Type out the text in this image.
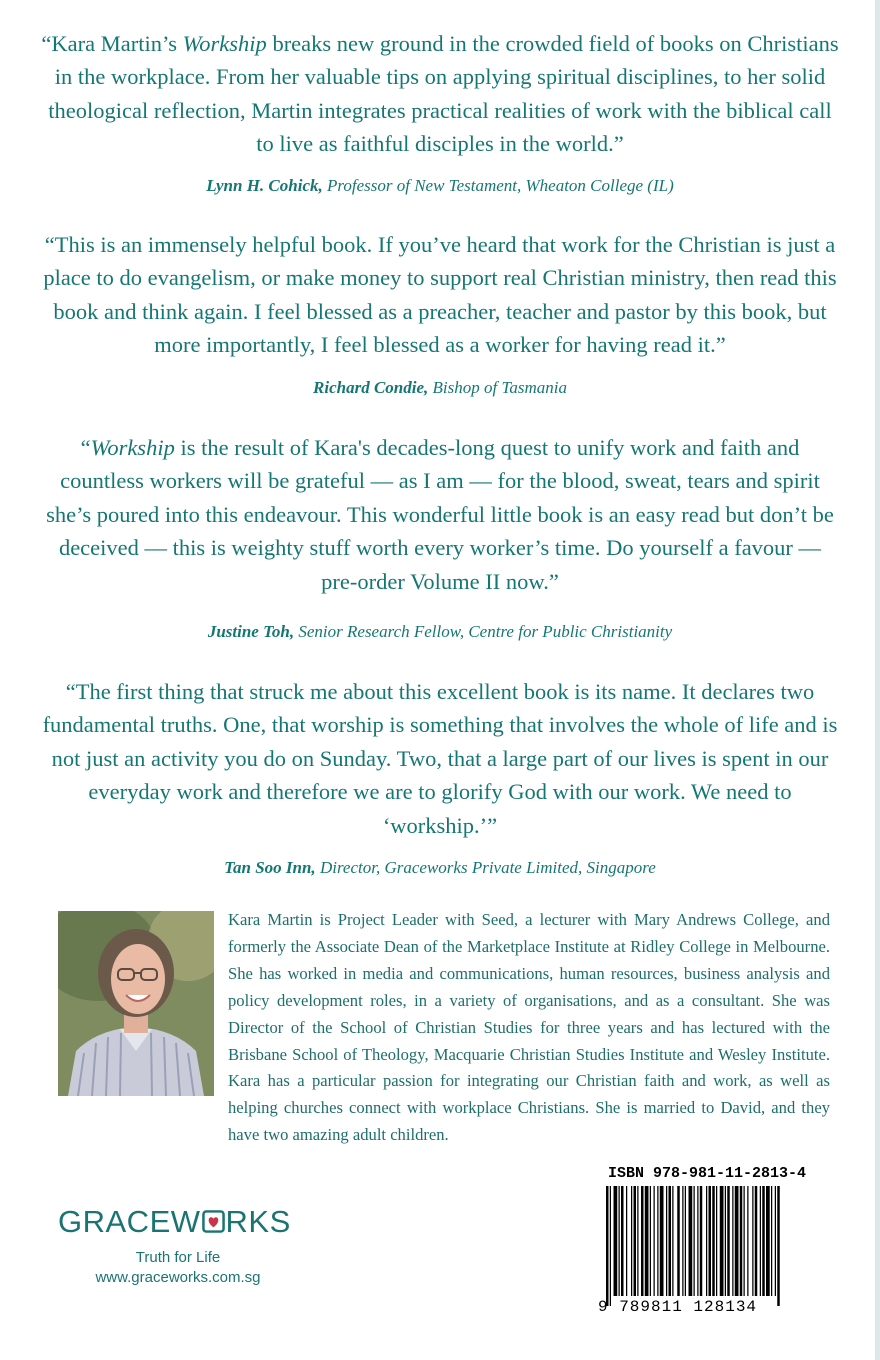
“Kara Martin’s Workship breaks new ground in the crowded field of books on Christians in the workplace. From her valuable tips on applying spiritual disciplines, to her solid theological reflection, Martin integrates practical realities of work with the biblical call to live as faithful disciples in the world.”
Lynn H. Cohick, Professor of New Testament, Wheaton College (IL)
“This is an immensely helpful book. If you’ve heard that work for the Christian is just a place to do evangelism, or make money to support real Christian ministry, then read this book and think again. I feel blessed as a preacher, teacher and pastor by this book, but more importantly, I feel blessed as a worker for having read it.”
Richard Condie, Bishop of Tasmania
“Workship is the result of Kara's decades-long quest to unify work and faith and countless workers will be grateful — as I am — for the blood, sweat, tears and spirit she’s poured into this endeavour. This wonderful little book is an easy read but don’t be deceived — this is weighty stuff worth every worker’s time. Do yourself a favour — pre-order Volume II now.”
Justine Toh, Senior Research Fellow, Centre for Public Christianity
“The first thing that struck me about this excellent book is its name. It declares two fundamental truths. One, that worship is something that involves the whole of life and is not just an activity you do on Sunday. Two, that a large part of our lives is spent in our everyday work and therefore we are to glorify God with our work. We need to ‘workship.’”
Tan Soo Inn, Director, Graceworks Private Limited, Singapore
Kara Martin is Project Leader with Seed, a lecturer with Mary Andrews College, and formerly the Associate Dean of the Marketplace Institute at Ridley College in Melbourne. She has worked in media and communications, human resources, business analysis and policy development roles, in a variety of organisations, and as a consultant. She was Director of the School of Christian Studies for three years and has lectured with the Brisbane School of Theology, Macquarie Christian Studies Institute and Wesley Institute. Kara has a particular passion for integrating our Christian faith and work, as well as helping churches connect with workplace Christians. She is married to David, and they have two amazing adult children.
GRACEW RKS
Truth for Life
www.graceworks.com.sg
ISBN 978-981-11-2813-4
9 789811 128134
